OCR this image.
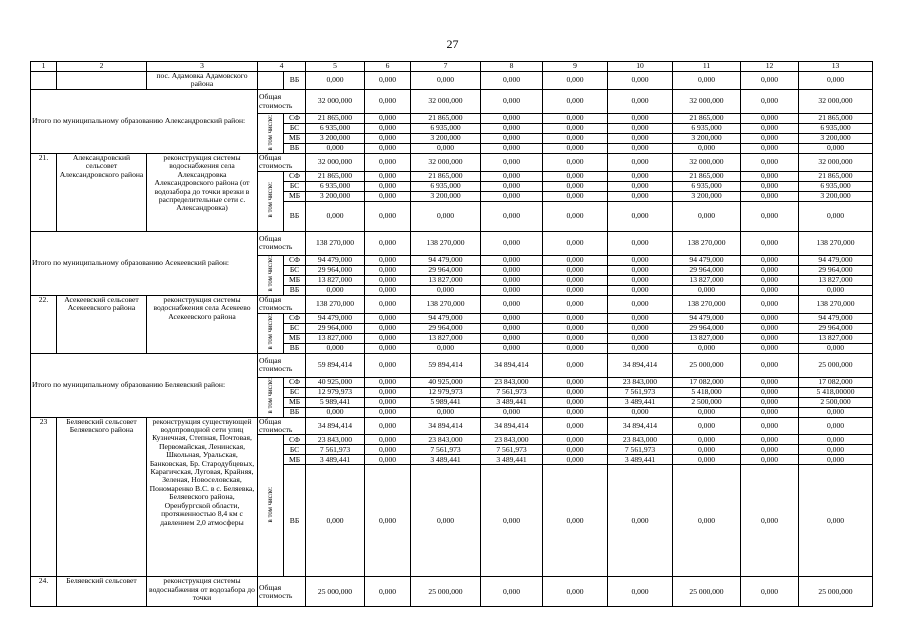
27
1	2	3	4		5	6	7	8	9	10	11	12	13
		пос. Адамовка Адамовского района		ВБ	0,000	0,000	0,000	0,000	0,000	0,000	0,000	0,000	0,000
Итого по муниципальному образованию Александровский район:			Общая стоимость		32 000,000	0,000	32 000,000	0,000	0,000	0,000	32 000,000	0,000	32 000,000
			в том числе:	СФ	21 865,000	0,000	21 865,000	0,000	0,000	0,000	21 865,000	0,000	21 865,000
				БС	6 935,000	0,000	6 935,000	0,000	0,000	0,000	6 935,000	0,000	6 935,000
				МБ	3 200,000	0,000	3 200,000	0,000	0,000	0,000	3 200,000	0,000	3 200,000
				ВБ	0,000	0,000	0,000	0,000	0,000	0,000	0,000	0,000	0,000

21.	Александровский сельсовет Александровского района	реконструкция системы водоснабжения села Александровка Александровского района (от водозабора до точки врезки в распределительные сети с. Александровка)	Общая стоимость		32 000,000	0,000	32 000,000	0,000	0,000	0,000	32 000,000	0,000	32 000,000
			в том числе:	СФ	21 865,000	0,000	21 865,000	0,000	0,000	0,000	21 865,000	0,000	21 865,000
				БС	6 935,000	0,000	6 935,000	0,000	0,000	0,000	6 935,000	0,000	6 935,000
				МБ	3 200,000	0,000	3 200,000	0,000	0,000	0,000	3 200,000	0,000	3 200,000
				ВБ	0,000	0,000	0,000	0,000	0,000	0,000	0,000	0,000	0,000

Итого по муниципальному образованию Асекеевский район:			Общая стоимость		138 270,000	0,000	138 270,000	0,000	0,000	0,000	138 270,000	0,000	138 270,000
			в том числе:	СФ	94 479,000	0,000	94 479,000	0,000	0,000	0,000	94 479,000	0,000	94 479,000
				БС	29 964,000	0,000	29 964,000	0,000	0,000	0,000	29 964,000	0,000	29 964,000
				МБ	13 827,000	0,000	13 827,000	0,000	0,000	0,000	13 827,000	0,000	13 827,000
				ВБ	0,000	0,000	0,000	0,000	0,000	0,000	0,000	0,000	0,000

22.	Асекеевский сельсовет Асекеевского района	реконструкция системы водоснабжения села Асекеево Асекеевского района	Общая стоимость		138 270,000	0,000	138 270,000	0,000	0,000	0,000	138 270,000	0,000	138 270,000
			в том числе:	СФ	94 479,000	0,000	94 479,000	0,000	0,000	0,000	94 479,000	0,000	94 479,000
				БС	29 964,000	0,000	29 964,000	0,000	0,000	0,000	29 964,000	0,000	29 964,000
				МБ	13 827,000	0,000	13 827,000	0,000	0,000	0,000	13 827,000	0,000	13 827,000
				ВБ	0,000	0,000	0,000	0,000	0,000	0,000	0,000	0,000	0,000

Итого по муниципальному образованию Беляевский район:			Общая стоимость		59 894,414	0,000	59 894,414	34 894,414	0,000	34 894,414	25 000,000	0,000	25 000,000
			в том числе:	СФ	40 925,000	0,000	40 925,000	23 843,000	0,000	23 843,000	17 082,000	0,000	17 082,000
				БС	12 979,973	0,000	12 979,973	7 561,973	0,000	7 561,973	5 418,000	0,000	5 418,00000
				МБ	5 989,441	0,000	5 989,441	3 489,441	0,000	3 489,441	2 500,000	0,000	2 500,000
				ВБ	0,000	0,000	0,000	0,000	0,000	0,000	0,000	0,000	0,000

23	Беляевский сельсовет Беляевского района	реконструкция существующей водопроводной сети улиц Кузнечная, Степная, Почтовая, Первомайская, Ленинская, Школьная, Уральская, Банковская, Бр. Стародубцевых, Карагичская, Луговая, Крайняя, Зеленая, Новоселовская, Пономаренко В.С. в с. Беляевка, Беляевского района, Оренбургской области, протяженностью 8,4 км с давлением 2,0 атмосферы	Общая стоимость		34 894,414	0,000	34 894,414	34 894,414	0,000	34 894,414	0,000	0,000	0,000
			в том числе:	СФ	23 843,000	0,000	23 843,000	23 843,000	0,000	23 843,000	0,000	0,000	0,000
				БС	7 561,973	0,000	7 561,973	7 561,973	0,000	7 561,973	0,000	0,000	0,000
				МБ	3 489,441	0,000	3 489,441	3 489,441	0,000	3 489,441	0,000	0,000	0,000
				ВБ	0,000	0,000	0,000	0,000	0,000	0,000	0,000	0,000	0,000

24.	Беляевский сельсовет	реконструкция системы водоснабжения от водозабора до точки	Общая стоимость		25 000,000	0,000	25 000,000	0,000	0,000	0,000	25 000,000	0,000	25 000,000
